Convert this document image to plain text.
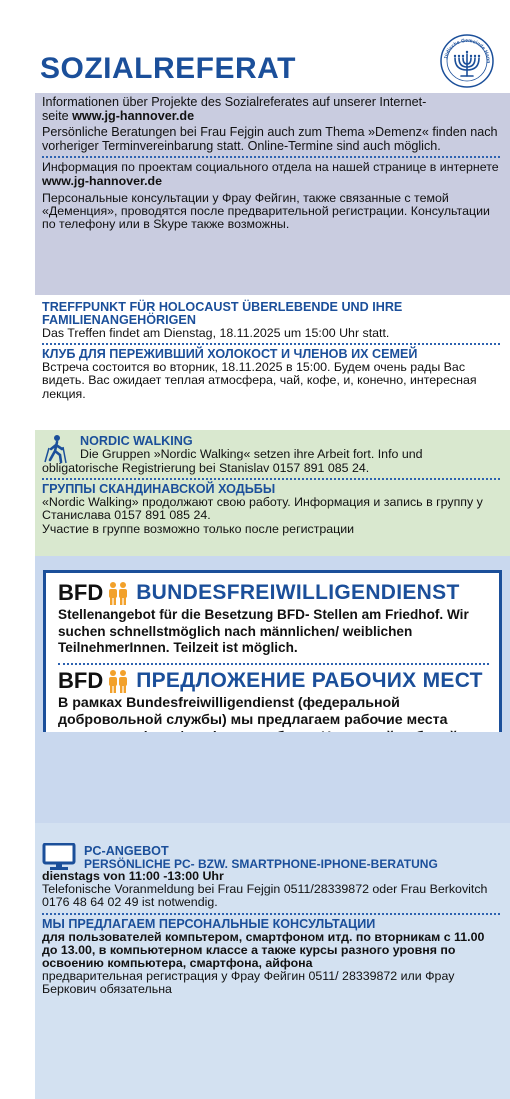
SOZIALREFERAT	Jüdische Gemeinde Hann

Informationen über Projekte des Sozialreferates auf unserer Internet-
seite www.jg-hannover.de

Persönliche Beratungen bei Frau Fejgin auch zum Thema »Demenz« finden nach vorheriger Terminvereinbarung statt. Online-Termine sind auch möglich.

Информация по проектам социального отдела на нашей странице в интернете www.jg-hannover.de

Персональные консультации у Фрау Фейгин, также связанные с темой «Деменция», проводятся после предварительной регистрации. Консультации по телефону или в Skype также возможны.

TREFFPUNKT FÜR HOLOCAUST ÜBERLEBENDE UND IHRE FAMILIENANGEHÖRIGEN

Das Treffen findet am Dienstag, 18.11.2025 um 15:00 Uhr statt.

КЛУБ ДЛЯ ПЕРЕЖИВШИЙ ХОЛОКОСТ И ЧЛЕНОВ ИХ СЕМЕЙ

Встреча состоится во вторник, 18.11.2025 в 15:00. Будем очень рады Вас видеть. Вас ожидает теплая атмосфера, чай, кофе, и, конечно, интересная лекция.

NORDIC WALKING

Die Gruppen »Nordic Walking« setzen ihre Arbeit fort. Info und

obligatorische Registrierung bei Stanislav 0157 891 085 24.

ГРУППЫ СКАНДИНАВСКОЙ ХОДЬБЫ

«Nordic Walking» продолжают свою работу. Информация и запись в группу у Станислава 0157 891 085 24.

Участие в группе возможно только после регистрации

BFD BUNDESFREIWILLIGENDIENST

Stellenangebot für die Besetzung BFD- Stellen am Friedhof. Wir suchen schnellstmöglich nach männlichen/ weiblichen TeilnehmerInnen. Teilzeit ist möglich.

BFD ПРЕДЛОЖЕНИЕ РАБОЧИХ МЕСТ

В рамках Bundesfreiwilligendienst (федеральной добровольной службы) мы предлагаем рабочие места

PC-ANGEBOT

PERSÖNLICHE PC- BZW. SMARTPHONE-IPHONE-BERATUNG

dienstags von 11:00 -13:00 Uhr

Telefonische Voranmeldung bei Frau Fejgin 0511/28339872 oder Frau Berkovitch 0176 48 64 02 49 ist notwendig.

МЫ ПРЕДЛАГАЕМ ПЕРСОНАЛЬНЫЕ КОНСУЛЬТАЦИИ

для пользователей компьтером, смартфоном итд. по вторникам с 11.00 до 13.00, в компьютерном классе а также курсы разного уровня по освоению компьютера, смартфона, айфона

предварительная регистрация у Фрау Фейгин 0511/ 28339872 или Фрау Беркович обязательна
